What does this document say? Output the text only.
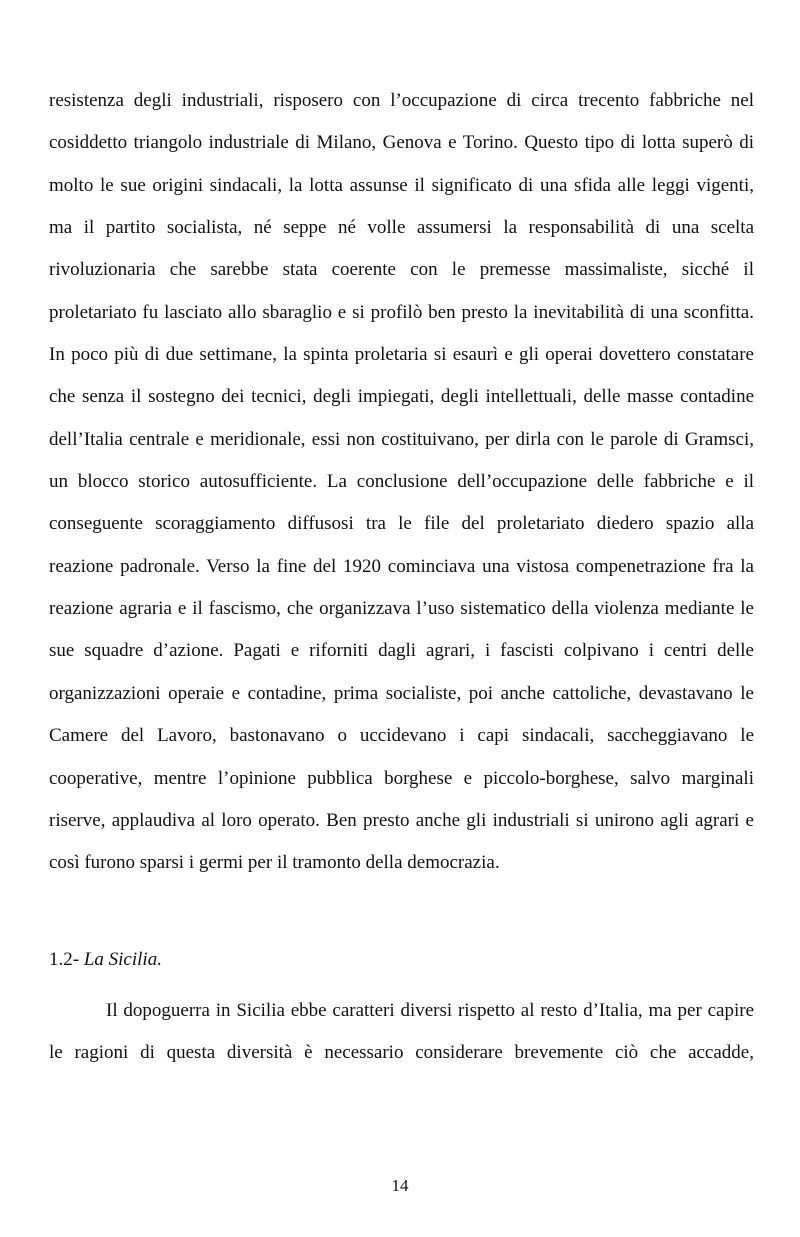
resistenza degli industriali, risposero con l’occupazione di circa trecento fabbriche nel
cosiddetto triangolo industriale di Milano, Genova e Torino. Questo tipo di lotta superò di
molto le sue origini sindacali, la lotta assunse il significato di una sfida alle leggi vigenti,
ma il partito socialista, né seppe né volle assumersi la responsabilità di una scelta
rivoluzionaria che sarebbe stata coerente con le premesse massimaliste, sicché il
proletariato fu lasciato allo sbaraglio e si profilò ben presto la inevitabilità di una sconfitta.
In poco più di due settimane, la spinta proletaria si esaurì e gli operai dovettero constatare
che senza il sostegno dei tecnici, degli impiegati, degli intellettuali, delle masse contadine
dell’Italia centrale e meridionale, essi non costituivano, per dirla con le parole di Gramsci,
un blocco storico autosufficiente. La conclusione dell’occupazione delle fabbriche e il
conseguente scoraggiamento diffusosi tra le file del proletariato diedero spazio alla
reazione padronale. Verso la fine del 1920 cominciava una vistosa compenetrazione fra la
reazione agraria e il fascismo, che organizzava l’uso sistematico della violenza mediante le
sue squadre d’azione. Pagati e riforniti dagli agrari, i fascisti colpivano i centri delle
organizzazioni operaie e contadine, prima socialiste, poi anche cattoliche, devastavano le
Camere del Lavoro, bastonavano o uccidevano i capi sindacali, saccheggiavano le
cooperative, mentre l’opinione pubblica borghese e piccolo-borghese, salvo marginali
riserve, applaudiva al loro operato. Ben presto anche gli industriali si unirono agli agrari e
così furono sparsi i germi per il tramonto della democrazia.
1.2- La Sicilia.
Il dopoguerra in Sicilia ebbe caratteri diversi rispetto al resto d’Italia, ma per capire
le ragioni di questa diversità è necessario considerare brevemente ciò che accadde,
14
